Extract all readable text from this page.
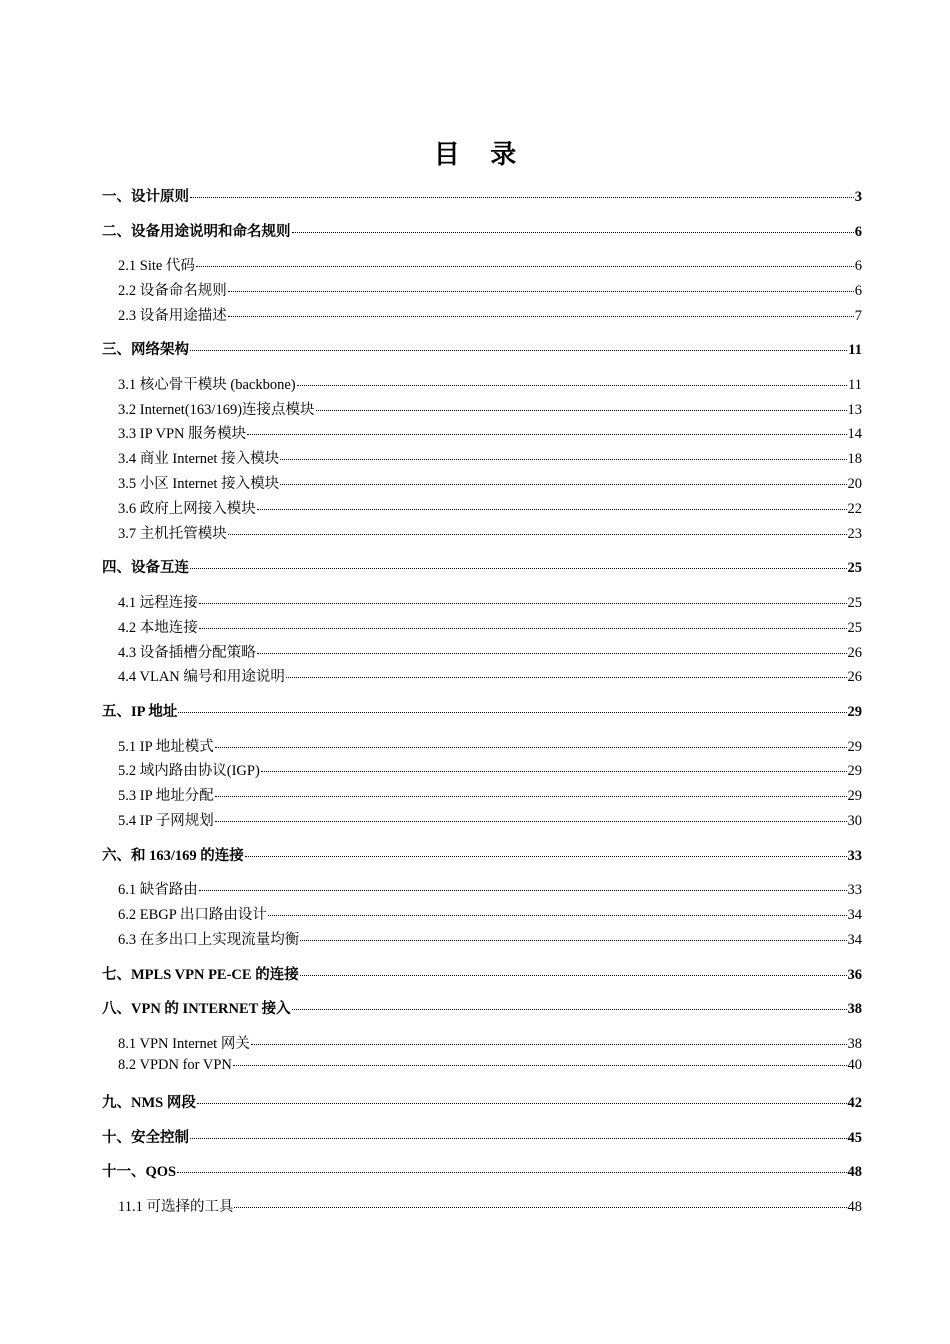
目 录
一、设计原则	3
二、设备用途说明和命名规则	6
2.1 Site 代码	6
2.2 设备命名规则	6
2.3 设备用途描述	7
三、网络架构	11
3.1 核心骨干模块 (backbone)	11
3.2 Internet(163/169)连接点模块	13
3.3 IP VPN 服务模块	14
3.4 商业 Internet 接入模块	18
3.5 小区 Internet 接入模块	20
3.6 政府上网接入模块	22
3.7 主机托管模块	23
四、设备互连	25
4.1 远程连接	25
4.2 本地连接	25
4.3 设备插槽分配策略	26
4.4 VLAN 编号和用途说明	26
五、IP 地址	29
5.1 IP 地址模式	29
5.2 域内路由协议(IGP)	29
5.3 IP 地址分配	29
5.4 IP 子网规划	30
六、和 163/169 的连接	33
6.1 缺省路由	33
6.2 EBGP 出口路由设计	34
6.3 在多出口上实现流量均衡	34
七、MPLS VPN PE-CE 的连接	36
八、VPN 的 INTERNET 接入	38
8.1 VPN Internet 网关	38
8.2 VPDN for VPN	40
九、NMS 网段	42
十、安全控制	45
十一、QOS	48
11.1 可选择的工具	48
